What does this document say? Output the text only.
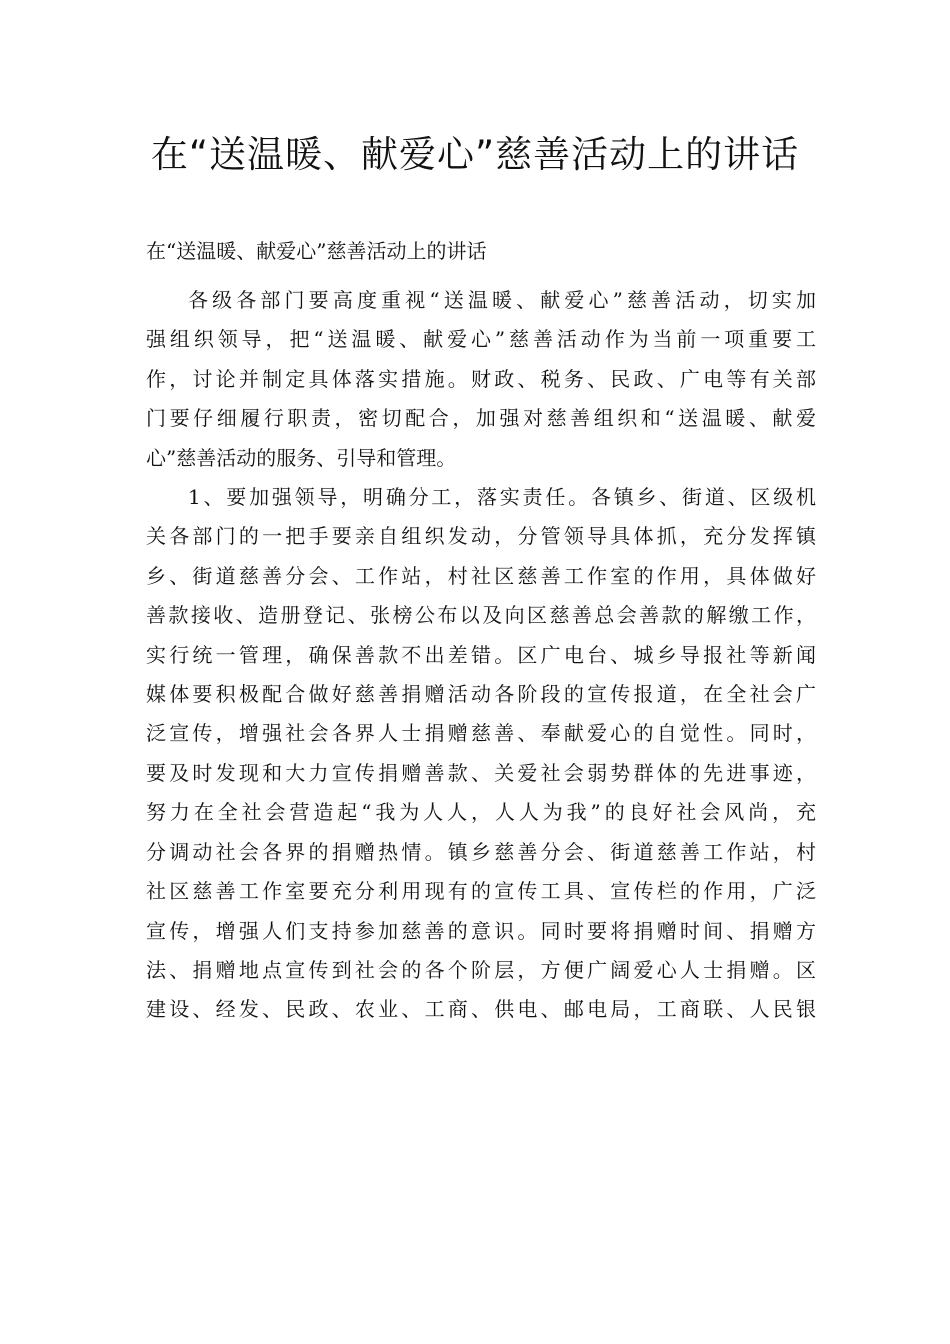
在“送温暖、献爱心”慈善活动上的讲话

在“送温暖、献爱心”慈善活动上的讲话

各级各部门要高度重视“送温暖、献爱心”慈善活动，切实加
强组织领导，把“送温暖、献爱心”慈善活动作为当前一项重要工
作，讨论并制定具体落实措施。财政、税务、民政、广电等有关部
门要仔细履行职责，密切配合，加强对慈善组织和“送温暖、献爱
心”慈善活动的服务、引导和管理。

1、要加强领导，明确分工，落实责任。各镇乡、街道、区级机
关各部门的一把手要亲自组织发动，分管领导具体抓，充分发挥镇
乡、街道慈善分会、工作站，村社区慈善工作室的作用，具体做好
善款接收、造册登记、张榜公布以及向区慈善总会善款的解缴工作，
实行统一管理，确保善款不出差错。区广电台、城乡导报社等新闻
媒体要积极配合做好慈善捐赠活动各阶段的宣传报道，在全社会广
泛宣传，增强社会各界人士捐赠慈善、奉献爱心的自觉性。同时，
要及时发现和大力宣传捐赠善款、关爱社会弱势群体的先进事迹，
努力在全社会营造起“我为人人，人人为我”的良好社会风尚，充
分调动社会各界的捐赠热情。镇乡慈善分会、街道慈善工作站，村
社区慈善工作室要充分利用现有的宣传工具、宣传栏的作用，广泛
宣传，增强人们支持参加慈善的意识。同时要将捐赠时间、捐赠方
法、捐赠地点宣传到社会的各个阶层，方便广阔爱心人士捐赠。区
建设、经发、民政、农业、工商、供电、邮电局，工商联、人民银
